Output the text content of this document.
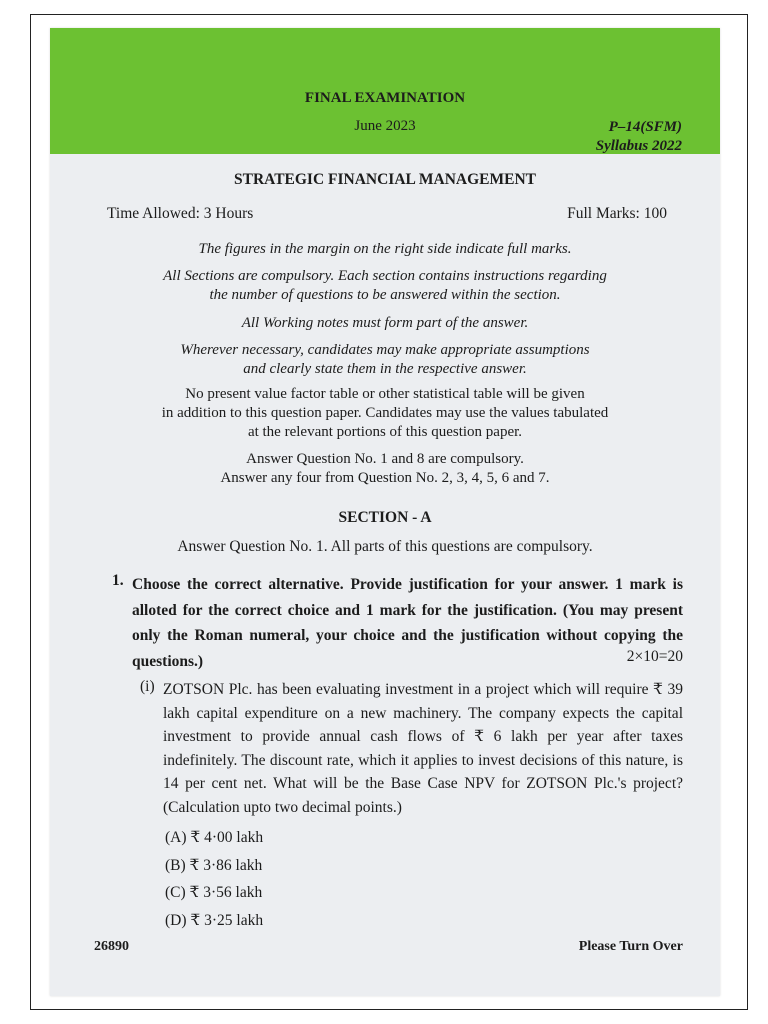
FINAL EXAMINATION
June 2023	P–14(SFM)
Syllabus 2022
STRATEGIC FINANCIAL MANAGEMENT
Time Allowed: 3 Hours	Full Marks: 100
The figures in the margin on the right side indicate full marks.
All Sections are compulsory. Each section contains instructions regarding
the number of questions to be answered within the section.
All Working notes must form part of the answer.
Wherever necessary, candidates may make appropriate assumptions
and clearly state them in the respective answer.
No present value factor table or other statistical table will be given
in addition to this question paper. Candidates may use the values tabulated
at the relevant portions of this question paper.
Answer Question No. 1 and 8 are compulsory.
Answer any four from Question No. 2, 3, 4, 5, 6 and 7.
SECTION - A
Answer Question No. 1. All parts of this questions are compulsory.
1. Choose the correct alternative. Provide justification for your answer. 1 mark is alloted for the correct choice and 1 mark for the justification. (You may present only the Roman numeral, your choice and the justification without copying the questions.)	2×10=20
(i) ZOTSON Plc. has been evaluating investment in a project which will require ₹ 39 lakh capital expenditure on a new machinery. The company expects the capital investment to provide annual cash flows of ₹ 6 lakh per year after taxes indefinitely. The discount rate, which it applies to invest decisions of this nature, is 14 per cent net. What will be the Base Case NPV for ZOTSON Plc.'s project? (Calculation upto two decimal points.)
(A) ₹ 4·00 lakh
(B) ₹ 3·86 lakh
(C) ₹ 3·56 lakh
(D) ₹ 3·25 lakh
26890	Please Turn Over
